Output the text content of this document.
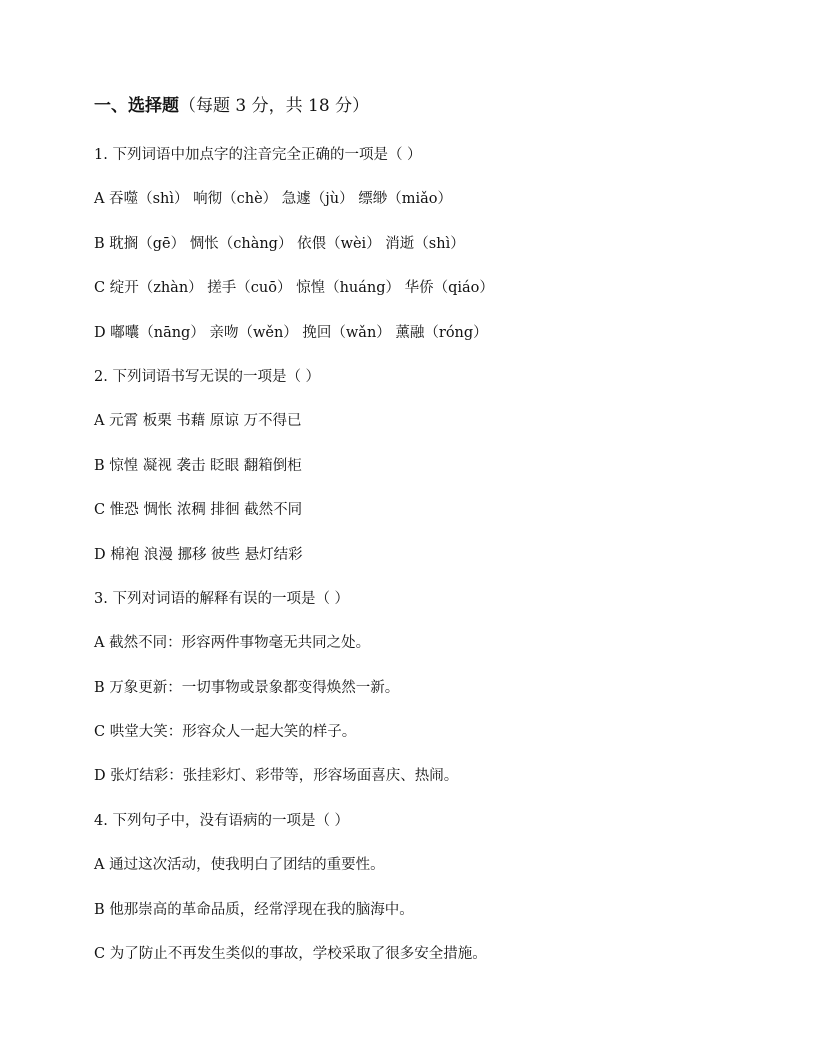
一、选择题（每题 3 分，共 18 分）
1. 下列词语中加点字的注音完全正确的一项是（ ）
A 吞噬（shì） 响彻（chè） 急遽（jù） 缥缈（miǎo）
B 耽搁（gē） 惆怅（chàng） 依偎（wèi） 消逝（shì）
C 绽开（zhàn） 搓手（cuō） 惊惶（huáng） 华侨（qiáo）
D 嘟囔（nāng） 亲吻（wěn） 挽回（wǎn） 薰融（róng）
2. 下列词语书写无误的一项是（ ）
A 元霄 板栗 书藉 原谅 万不得已
B 惊惶 凝视 袭击 眨眼 翻箱倒柜
C 惟恐 惆怅 浓稠 排徊 截然不同
D 棉袍 浪漫 挪移 彼些 悬灯结彩
3. 下列对词语的解释有误的一项是（ ）
A 截然不同：形容两件事物毫无共同之处。
B 万象更新：一切事物或景象都变得焕然一新。
C 哄堂大笑：形容众人一起大笑的样子。
D 张灯结彩：张挂彩灯、彩带等，形容场面喜庆、热闹。
4. 下列句子中，没有语病的一项是（ ）
A 通过这次活动，使我明白了团结的重要性。
B 他那崇高的革命品质，经常浮现在我的脑海中。
C 为了防止不再发生类似的事故，学校采取了很多安全措施。
